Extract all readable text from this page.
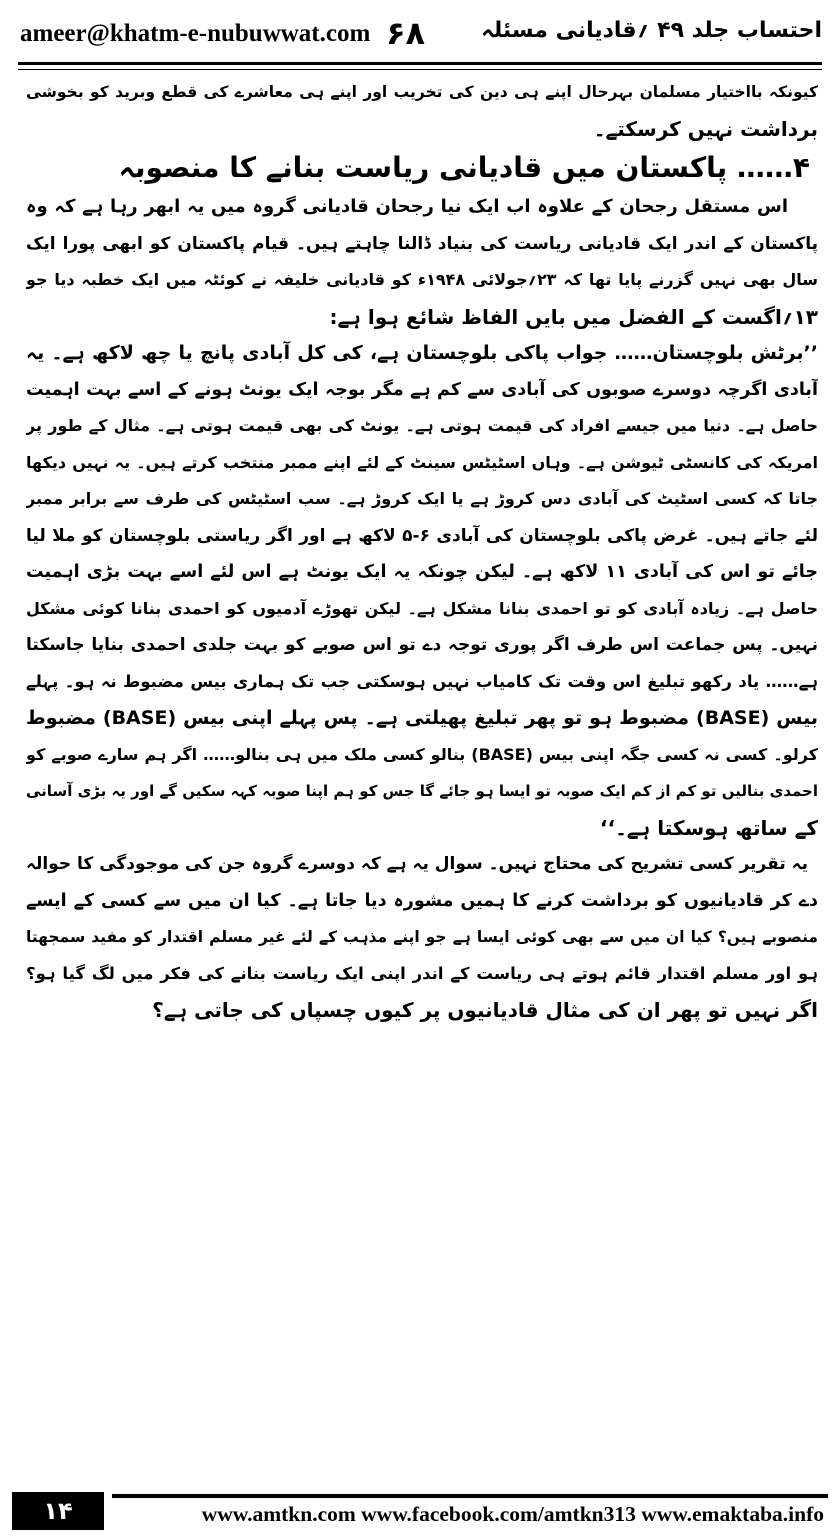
ameer@khatm-e-nubuwwat.com ۶۸	احتساب جلد ۴۹ ؍قادیانی مسئلہ
کیونکہ بااختیار مسلمان بہرحال اپنے ہی دین کی تخریب اور اپنے ہی معاشرے کی قطع وبرید کو بخوشی
برداشت نہیں کرسکتے۔
۴…… پاکستان میں قادیانی ریاست بنانے کا منصوبہ
اس مستقل رجحان کے علاوہ اب ایک نیا رجحان قادیانی گروہ میں یہ ابھر رہا ہے کہ وہ
پاکستان کے اندر ایک قادیانی ریاست کی بنیاد ڈالنا چاہتے ہیں۔ قیام پاکستان کو ابھی پورا ایک
سال بھی نہیں گزرنے پایا تھا کہ ۲۳؍جولائی ۱۹۴۸ء کو قادیانی خلیفہ نے کوئٹہ میں ایک خطبہ دیا جو
۱۳؍اگست کے الفضل میں بایں الفاظ شائع ہوا ہے:
’’برٹش بلوچستان…… جواب پاکی بلوچستان ہے، کی کل آبادی پانچ یا چھ لاکھ ہے۔ یہ
آبادی اگرچہ دوسرے صوبوں کی آبادی سے کم ہے مگر بوجہ ایک یونٹ ہونے کے اسے بہت اہمیت
حاصل ہے۔ دنیا میں جیسے افراد کی قیمت ہوتی ہے۔ یونٹ کی بھی قیمت ہوتی ہے۔ مثال کے طور پر
امریکہ کی کانسٹی ٹیوشن ہے۔ وہاں اسٹیٹس سینٹ کے لئے اپنے ممبر منتخب کرتے ہیں۔ یہ نہیں دیکھا
جاتا کہ کسی اسٹیٹ کی آبادی دس کروڑ ہے یا ایک کروڑ ہے۔ سب اسٹیٹس کی طرف سے برابر ممبر
لئے جاتے ہیں۔ غرض پاکی بلوچستان کی آبادی ۶-۵ لاکھ ہے اور اگر ریاستی بلوچستان کو ملا لیا
جائے تو اس کی آبادی ۱۱ لاکھ ہے۔ لیکن چونکہ یہ ایک یونٹ ہے اس لئے اسے بہت بڑی اہمیت
حاصل ہے۔ زیادہ آبادی کو تو احمدی بنانا مشکل ہے۔ لیکن تھوڑے آدمیوں کو احمدی بنانا کوئی مشکل
نہیں۔ پس جماعت اس طرف اگر پوری توجہ دے تو اس صوبے کو بہت جلدی احمدی بنایا جاسکتا
ہے…… یاد رکھو تبلیغ اس وقت تک کامیاب نہیں ہوسکتی جب تک ہماری بیس مضبوط نہ ہو۔ پہلے
بیس (BASE) مضبوط ہو تو پھر تبلیغ پھیلتی ہے۔ پس پہلے اپنی بیس (BASE) مضبوط
کرلو۔ کسی نہ کسی جگہ اپنی بیس (BASE) بنالو کسی ملک میں ہی بنالو…… اگر ہم سارے صوبے کو
احمدی بنالیں تو کم از کم ایک صوبہ تو ایسا ہو جائے گا جس کو ہم اپنا صوبہ کہہ سکیں گے اور یہ بڑی آسانی
کے ساتھ ہوسکتا ہے۔‘‘
یہ تقریر کسی تشریح کی محتاج نہیں۔ سوال یہ ہے کہ دوسرے گروہ جن کی موجودگی کا حوالہ
دے کر قادیانیوں کو برداشت کرنے کا ہمیں مشورہ دیا جاتا ہے۔ کیا ان میں سے کسی کے ایسے
منصوبے ہیں؟ کیا ان میں سے بھی کوئی ایسا ہے جو اپنے مذہب کے لئے غیر مسلم اقتدار کو مفید سمجھتا
ہو اور مسلم اقتدار قائم ہوتے ہی ریاست کے اندر اپنی ایک ریاست بنانے کی فکر میں لگ گیا ہو؟
اگر نہیں تو پھر ان کی مثال قادیانیوں پر کیوں چسپاں کی جاتی ہے؟
۱۴	www.amtkn.com www.facebook.com/amtkn313 www.emaktaba.info
